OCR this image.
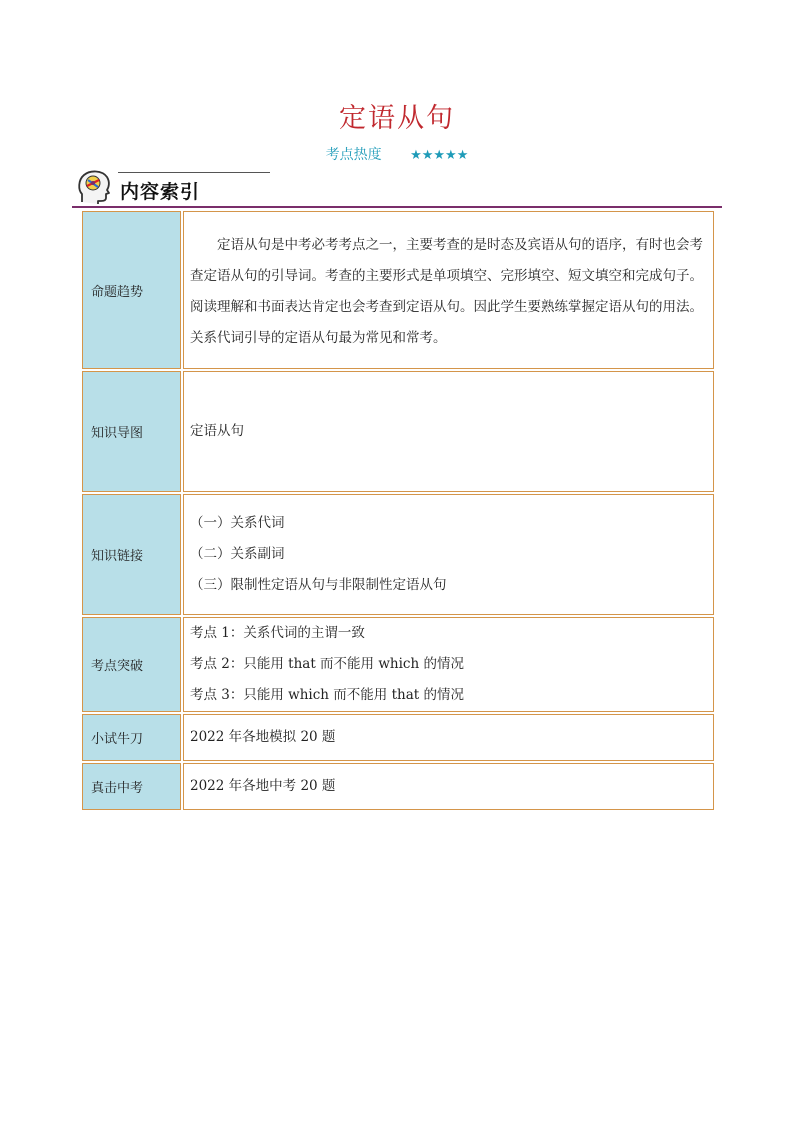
定语从句
考点热度 ★★★★★
内容索引
命题趋势	定语从句是中考必考考点之一，主要考查的是时态及宾语从句的语序，有时也会考查定语从句的引导词。考查的主要形式是单项填空、完形填空、短文填空和完成句子。阅读理解和书面表达肯定也会考查到定语从句。因此学生要熟练掌握定语从句的用法。关系代词引导的定语从句最为常见和常考。

知识导图	定语从句
知识链接	（一）关系代词
（二）关系副词
（三）限制性定语从句与非限制性定语从句

考点突破	考点 1：关系代词的主谓一致
考点 2：只能用 that 而不能用 which 的情况
考点 3：只能用 which 而不能用 that 的情况

小试牛刀	2022 年各地模拟 20 题
真击中考	2022 年各地中考 20 题
